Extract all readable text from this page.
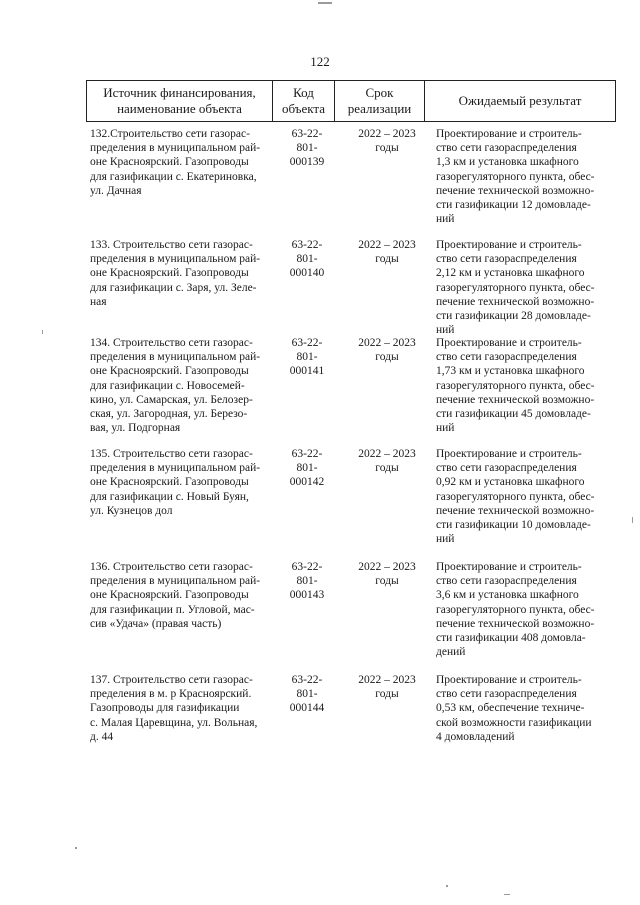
122
Источник финансирования,
наименование объекта
Код
объекта
Срок
реализации
Ожидаемый результат
132.Строительство сети газорас-
пределения в муниципальном рай-
оне Красноярский. Газопроводы
для газификации с. Екатериновка,
ул. Дачная
63-22-
801-
000139
2022 – 2023
годы
Проектирование и строитель-
ство сети газораспределения
1,3 км и установка шкафного
газорегуляторного пункта, обес-
печение технической возможно-
сти газификации 12 домовладе-
ний
133. Строительство сети газорас-
пределения в муниципальном рай-
оне Красноярский. Газопроводы
для газификации с. Заря, ул. Зеле-
ная
63-22-
801-
000140
2022 – 2023
годы
Проектирование и строитель-
ство сети газораспределения
2,12 км и установка шкафного
газорегуляторного пункта, обес-
печение технической возможно-
сти газификации 28 домовладе-
ний
134. Строительство сети газорас-
пределения в муниципальном рай-
оне Красноярский. Газопроводы
для газификации с. Новосемей-
кино, ул. Самарская, ул. Белозер-
ская, ул. Загородная, ул. Березо-
вая, ул. Подгорная
63-22-
801-
000141
2022 – 2023
годы
Проектирование и строитель-
ство сети газораспределения
1,73 км и установка шкафного
газорегуляторного пункта, обес-
печение технической возможно-
сти газификации 45 домовладе-
ний
135. Строительство сети газорас-
пределения в муниципальном рай-
оне Красноярский. Газопроводы
для газификации с. Новый Буян,
ул. Кузнецов дол
63-22-
801-
000142
2022 – 2023
годы
Проектирование и строитель-
ство сети газораспределения
0,92 км и установка шкафного
газорегуляторного пункта, обес-
печение технической возможно-
сти газификации 10 домовладе-
ний
136. Строительство сети газорас-
пределения в муниципальном рай-
оне Красноярский. Газопроводы
для газификации п. Угловой, мас-
сив «Удача» (правая часть)
63-22-
801-
000143
2022 – 2023
годы
Проектирование и строитель-
ство сети газораспределения
3,6 км и установка шкафного
газорегуляторного пункта, обес-
печение технической возможно-
сти газификации 408 домовла-
дений
137. Строительство сети газорас-
пределения в м. р Красноярский.
Газопроводы для газификации
с. Малая Царевщина, ул. Вольная,
д. 44
63-22-
801-
000144
2022 – 2023
годы
Проектирование и строитель-
ство сети газораспределения
0,53 км, обеспечение техниче-
ской возможности газификации
4 домовладений
